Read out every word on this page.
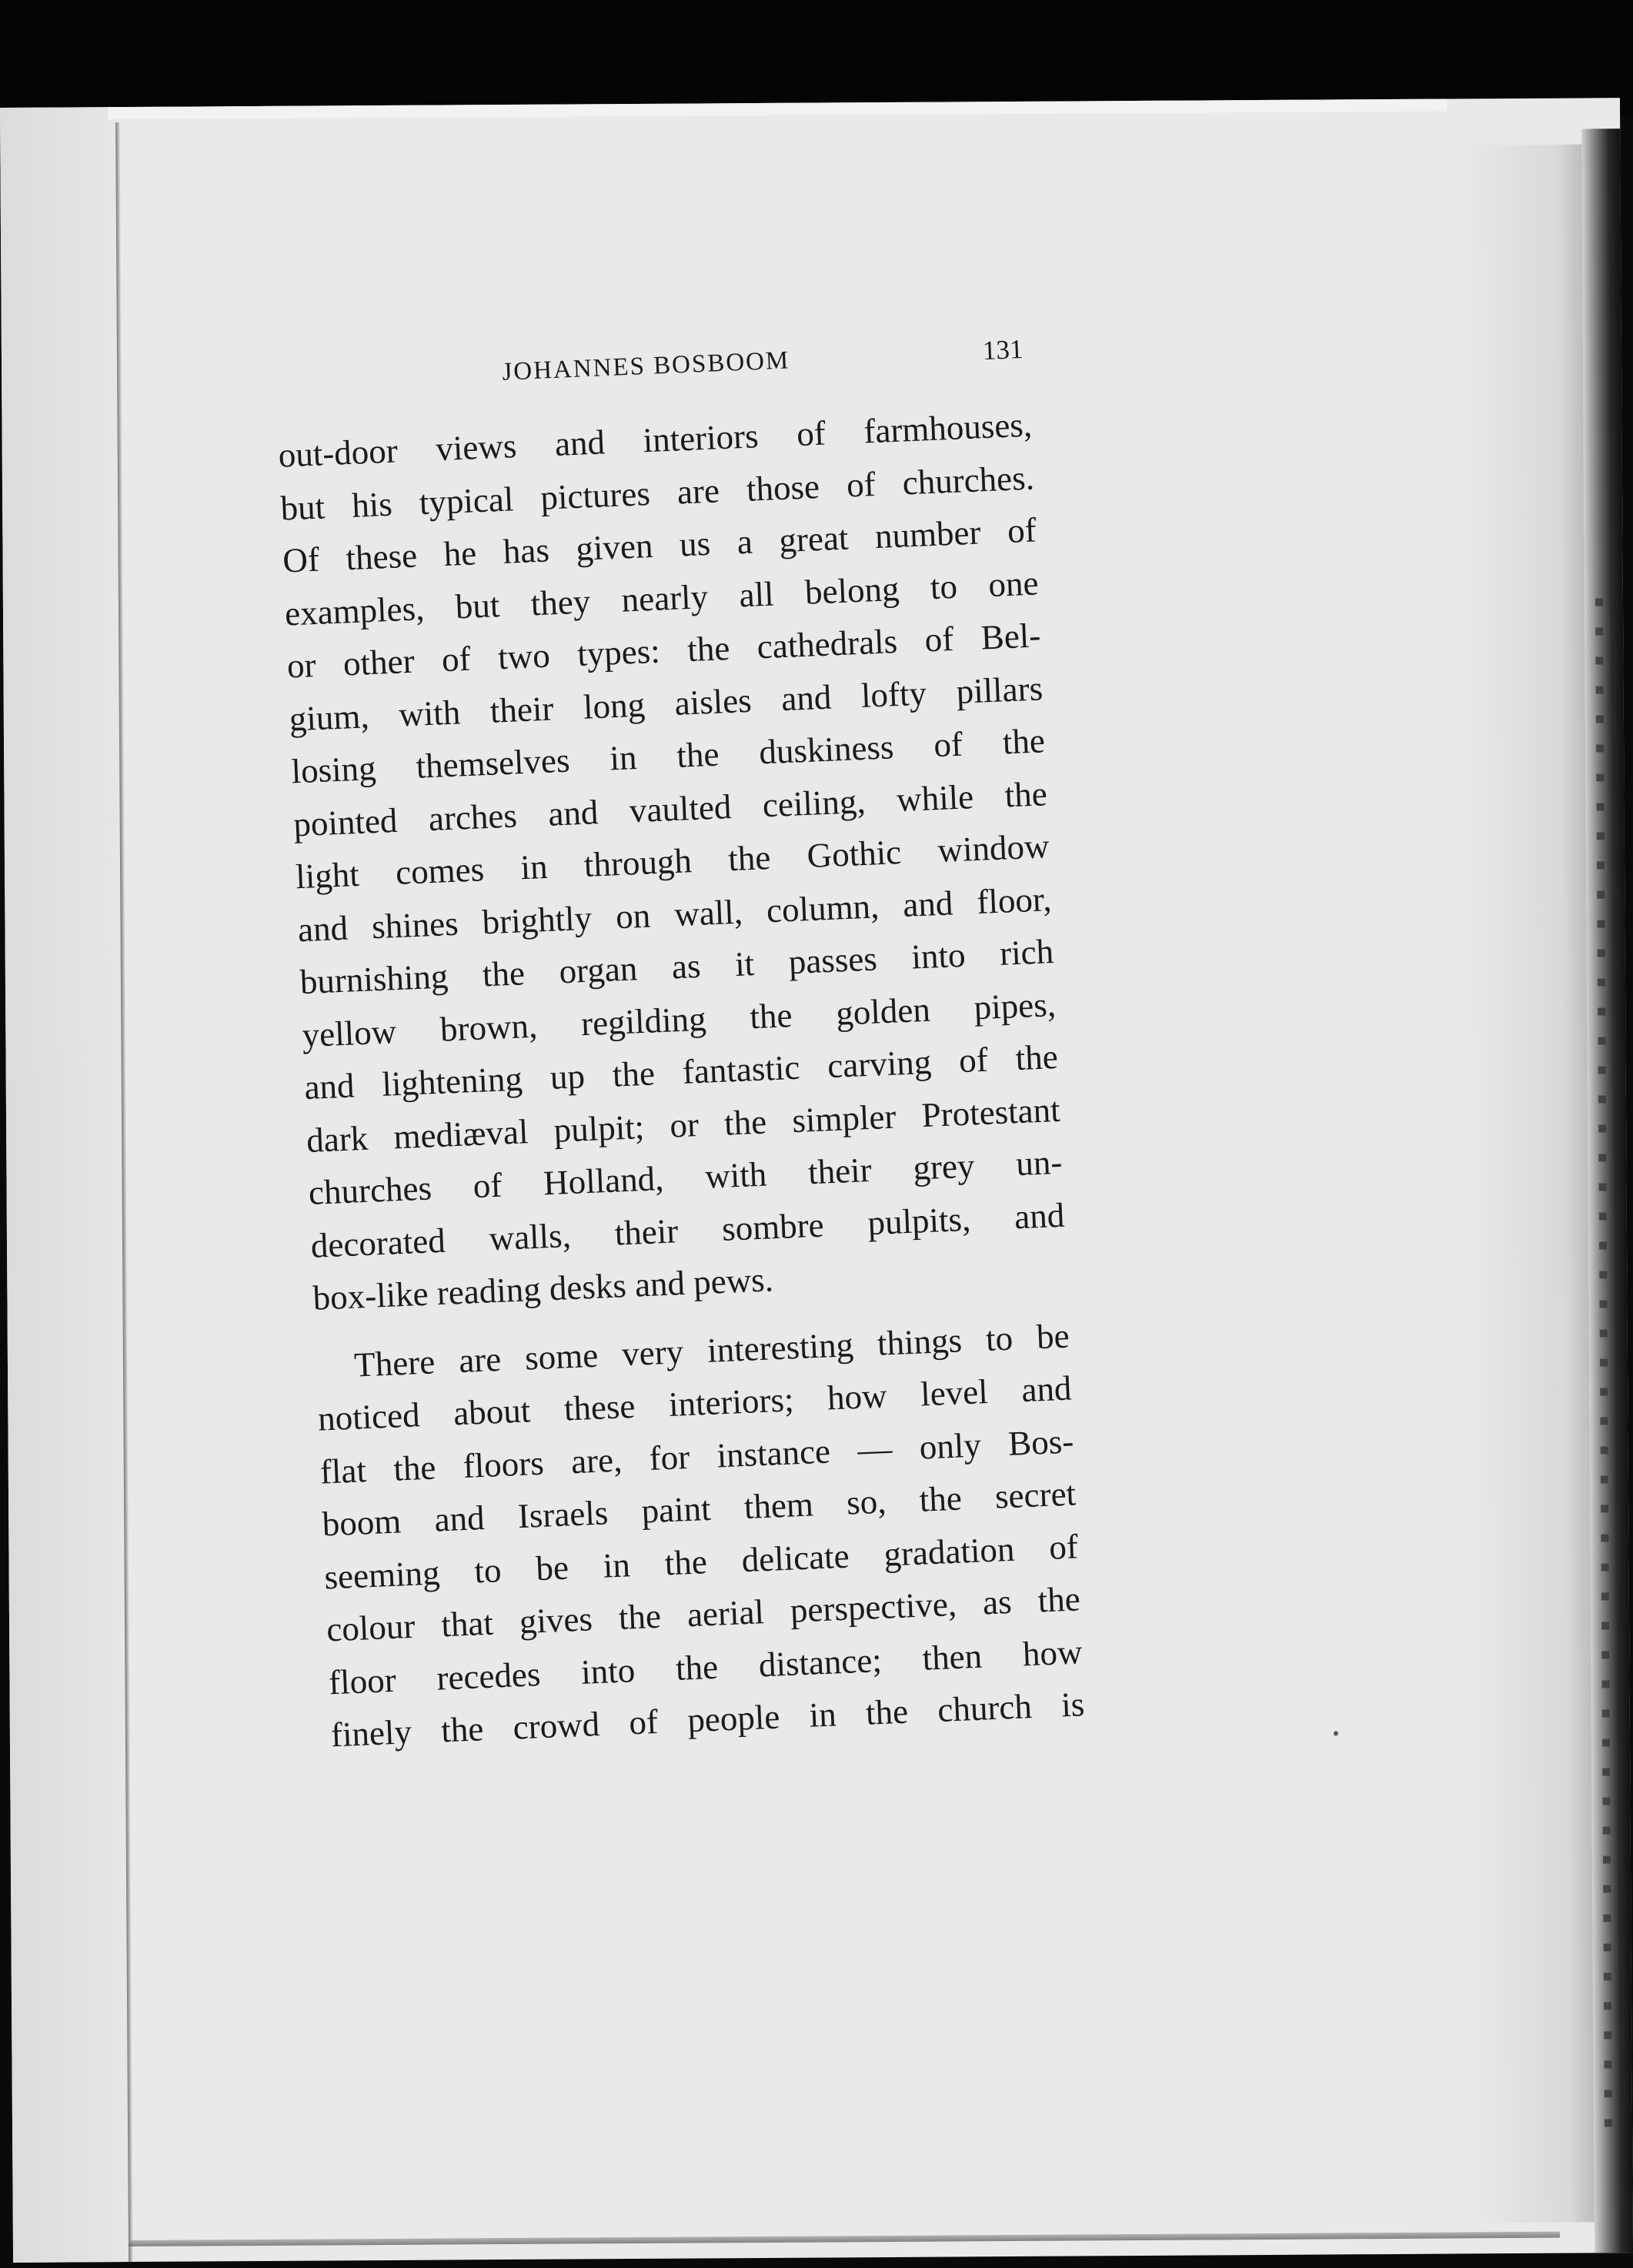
JOHANNES BOSBOOM	131
out-door views and interiors of farmhouses,
but his typical pictures are those of churches.
Of these he has given us a great number of
examples, but they nearly all belong to one
or other of two types: the cathedrals of Bel-
gium, with their long aisles and lofty pillars
losing themselves in the duskiness of the
pointed arches and vaulted ceiling, while the
light comes in through the Gothic window
and shines brightly on wall, column, and floor,
burnishing the organ as it passes into rich
yellow brown, regilding the golden pipes,
and lightening up the fantastic carving of the
dark mediæval pulpit; or the simpler Protestant
churches of Holland, with their grey un-
decorated walls, their sombre pulpits, and
box-like reading desks and pews.
There are some very interesting things to be
noticed about these interiors; how level and
flat the floors are, for instance — only Bos-
boom and Israels paint them so, the secret
seeming to be in the delicate gradation of
colour that gives the aerial perspective, as the
floor recedes into the distance; then how
finely the crowd of people in the church is
